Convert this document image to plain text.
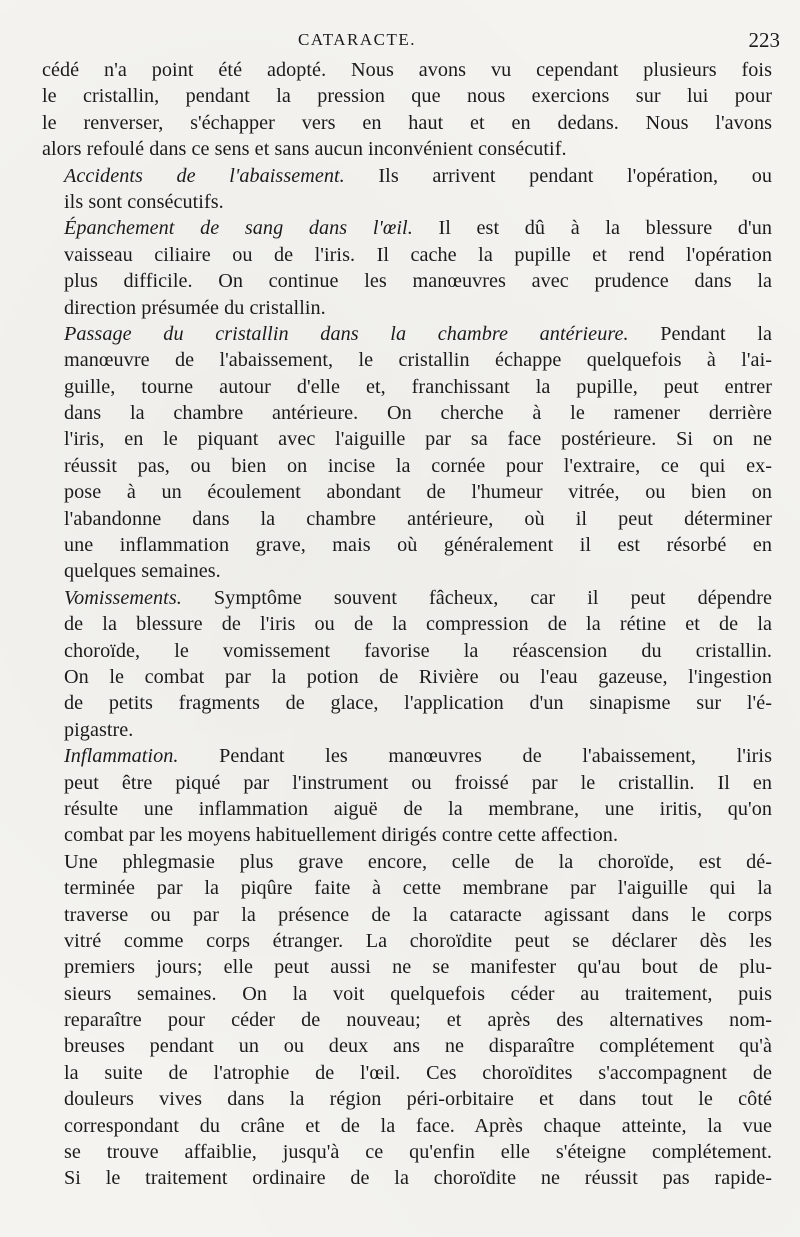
CATARACTE.	223

cédé n'a point été adopté. Nous avons vu cependant plusieurs fois
le cristallin, pendant la pression que nous exercions sur lui pour
le renverser, s'échapper vers en haut et en dedans. Nous l'avons
alors refoulé dans ce sens et sans aucun inconvénient consécutif.

Accidents de l'abaissement. Ils arrivent pendant l'opération, ou
ils sont consécutifs.

Épanchement de sang dans l'œil. Il est dû à la blessure d'un
vaisseau ciliaire ou de l'iris. Il cache la pupille et rend l'opération
plus difficile. On continue les manœuvres avec prudence dans la
direction présumée du cristallin.

Passage du cristallin dans la chambre antérieure. Pendant la
manœuvre de l'abaissement, le cristallin échappe quelquefois à l'ai-
guille, tourne autour d'elle et, franchissant la pupille, peut entrer
dans la chambre antérieure. On cherche à le ramener derrière
l'iris, en le piquant avec l'aiguille par sa face postérieure. Si on ne
réussit pas, ou bien on incise la cornée pour l'extraire, ce qui ex-
pose à un écoulement abondant de l'humeur vitrée, ou bien on
l'abandonne dans la chambre antérieure, où il peut déterminer
une inflammation grave, mais où généralement il est résorbé en
quelques semaines.

Vomissements. Symptôme souvent fâcheux, car il peut dépendre
de la blessure de l'iris ou de la compression de la rétine et de la
choroïde, le vomissement favorise la réascension du cristallin.
On le combat par la potion de Rivière ou l'eau gazeuse, l'ingestion
de petits fragments de glace, l'application d'un sinapisme sur l'é-
pigastre.

Inflammation. Pendant les manœuvres de l'abaissement, l'iris
peut être piqué par l'instrument ou froissé par le cristallin. Il en
résulte une inflammation aiguë de la membrane, une iritis, qu'on
combat par les moyens habituellement dirigés contre cette affection.

Une phlegmasie plus grave encore, celle de la choroïde, est dé-
terminée par la piqûre faite à cette membrane par l'aiguille qui la
traverse ou par la présence de la cataracte agissant dans le corps
vitré comme corps étranger. La choroïdite peut se déclarer dès les
premiers jours; elle peut aussi ne se manifester qu'au bout de plu-
sieurs semaines. On la voit quelquefois céder au traitement, puis
reparaître pour céder de nouveau; et après des alternatives nom-
breuses pendant un ou deux ans ne disparaître complétement qu'à
la suite de l'atrophie de l'œil. Ces choroïdites s'accompagnent de
douleurs vives dans la région péri-orbitaire et dans tout le côté
correspondant du crâne et de la face. Après chaque atteinte, la vue
se trouve affaiblie, jusqu'à ce qu'enfin elle s'éteigne complétement.
Si le traitement ordinaire de la choroïdite ne réussit pas rapide-
